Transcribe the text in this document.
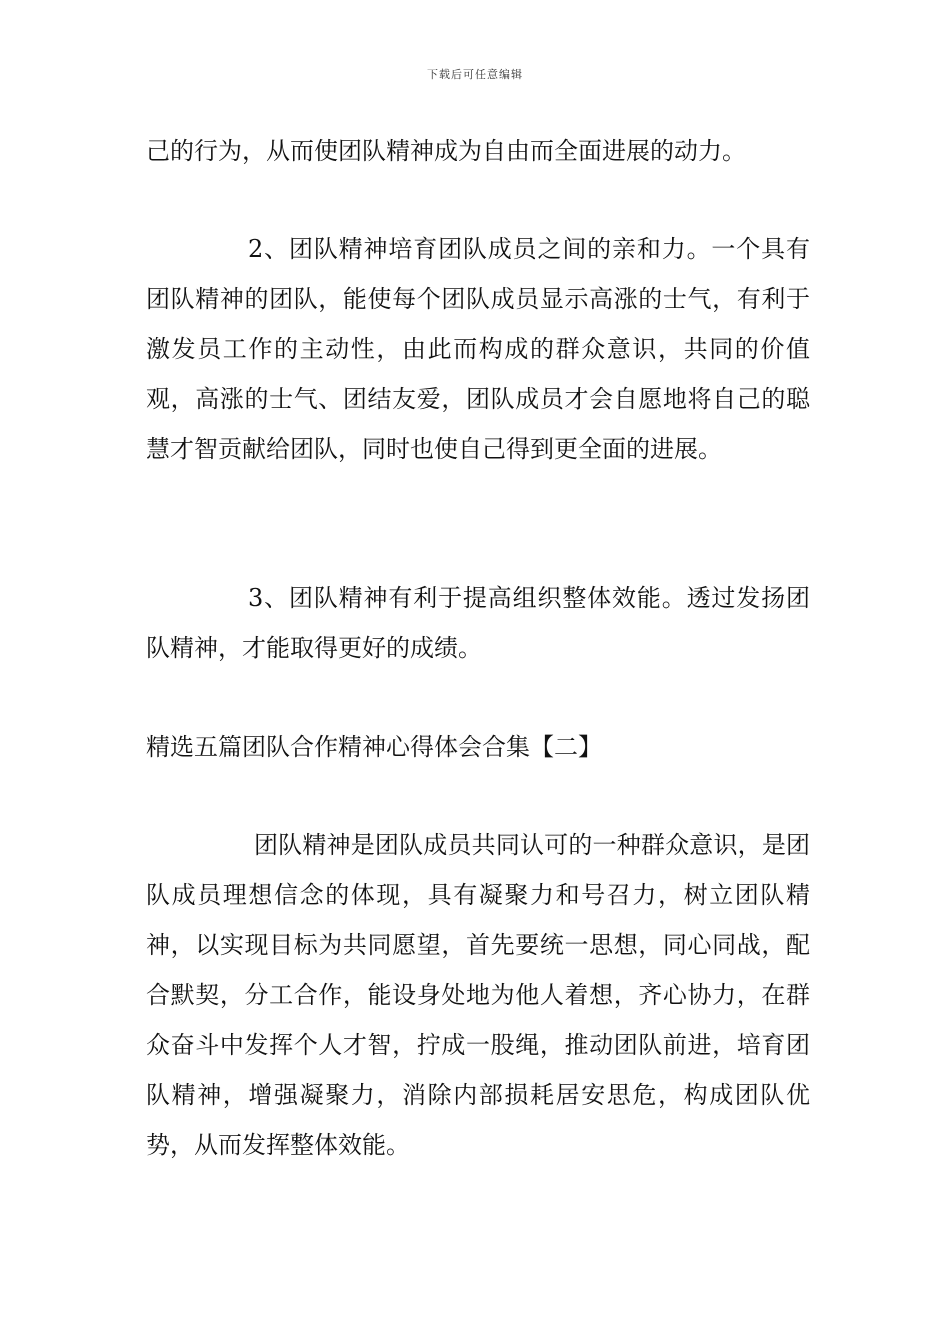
下载后可任意编辑

己的行为，从而使团队精神成为自由而全面进展的动力。

2、团队精神培育团队成员之间的亲和力。一个具有团队精神的团队，能使每个团队成员显示高涨的士气，有利于激发员工作的主动性，由此而构成的群众意识，共同的价值观，高涨的士气、团结友爱，团队成员才会自愿地将自己的聪慧才智贡献给团队，同时也使自己得到更全面的进展。

3、团队精神有利于提高组织整体效能。透过发扬团队精神，才能取得更好的成绩。

精选五篇团队合作精神心得体会合集【二】

团队精神是团队成员共同认可的一种群众意识，是团队成员理想信念的体现，具有凝聚力和号召力，树立团队精神，以实现目标为共同愿望，首先要统一思想，同心同战，配合默契，分工合作，能设身处地为他人着想，齐心协力，在群众奋斗中发挥个人才智，拧成一股绳，推动团队前进，培育团队精神，增强凝聚力，消除内部损耗居安思危，构成团队优势，从而发挥整体效能。
